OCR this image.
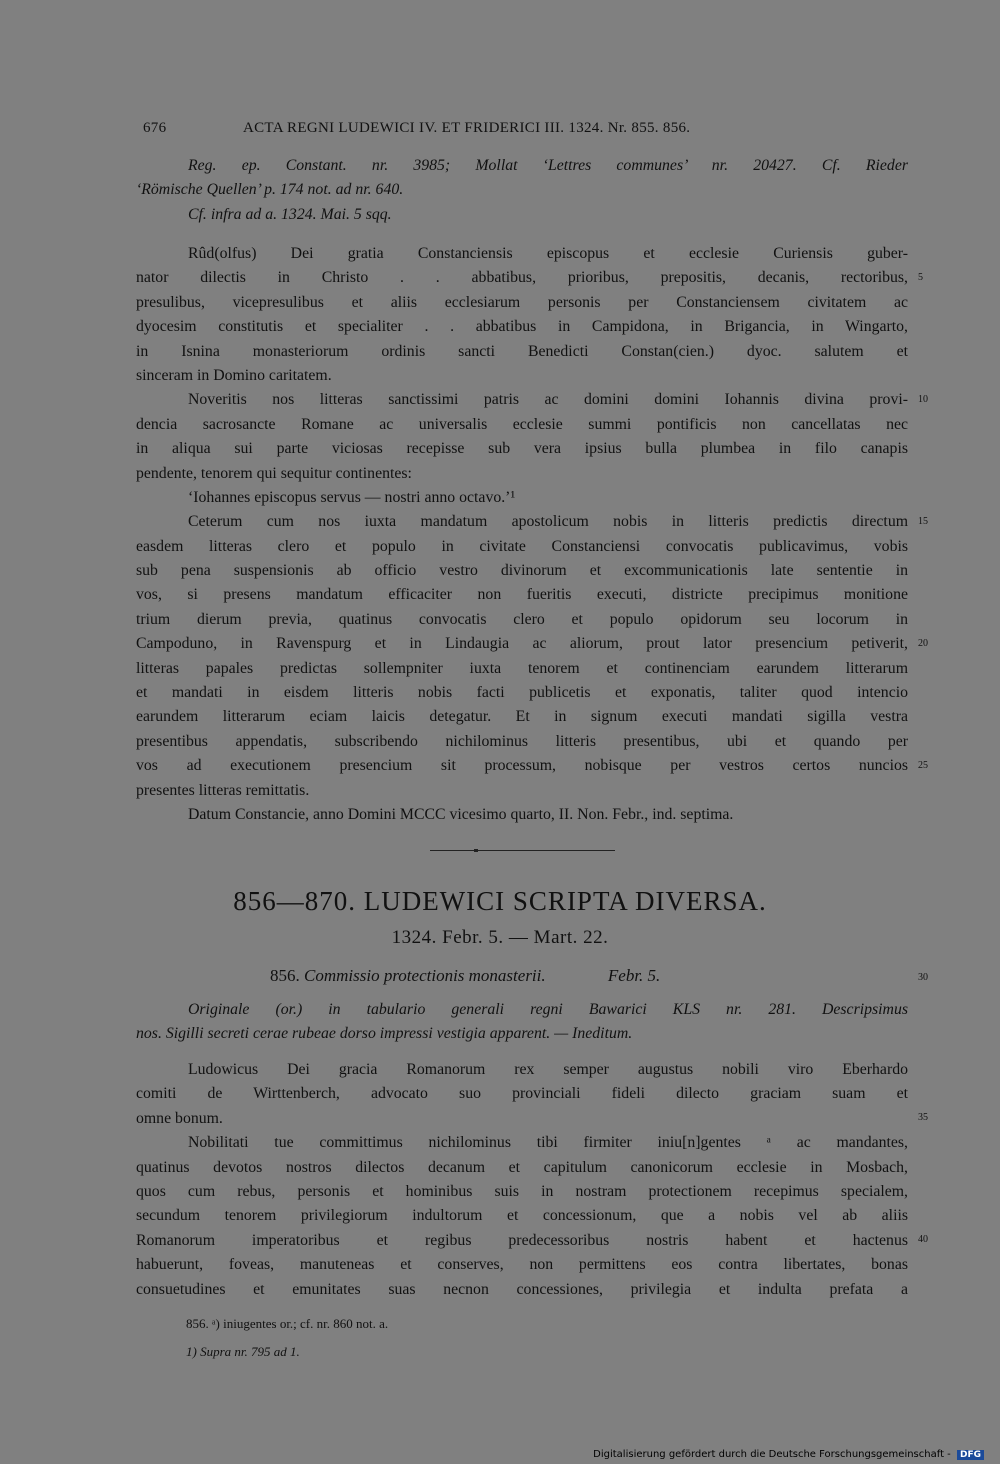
676	ACTA REGNI LUDEWICI IV. ET FRIDERICI III. 1324. Nr. 855. 856.
Reg. ep. Constant. nr. 3985; Mollat ‘Lettres communes’ nr. 20427. Cf. Rieder
‘Römische Quellen’ p. 174 not. ad nr. 640.
Cf. infra ad a. 1324. Mai. 5 sqq.
Rûd(olfus) Dei gratia Constanciensis episcopus et ecclesie Curiensis guber-
nator dilectis in Christo . . abbatibus, prioribus, prepositis, decanis, rectoribus,
presulibus, vicepresulibus et aliis ecclesiarum personis per Constanciensem civitatem ac
dyocesim constitutis et specialiter . . abbatibus in Campidona, in Brigancia, in Wingarto,
in Isnina monasteriorum ordinis sancti Benedicti Constan(cien.) dyoc. salutem et
sinceram in Domino caritatem.
Noveritis nos litteras sanctissimi patris ac domini domini Iohannis divina provi-
dencia sacrosancte Romane ac universalis ecclesie summi pontificis non cancellatas nec
in aliqua sui parte viciosas recepisse sub vera ipsius bulla plumbea in filo canapis
pendente, tenorem qui sequitur continentes:
‘Iohannes episcopus servus — nostri anno octavo.’¹
Ceterum cum nos iuxta mandatum apostolicum nobis in litteris predictis directum
easdem litteras clero et populo in civitate Constanciensi convocatis publicavimus, vobis
sub pena suspensionis ab officio vestro divinorum et excommunicationis late sententie in
vos, si presens mandatum efficaciter non fueritis executi, districte precipimus monitione
trium dierum previa, quatinus convocatis clero et populo opidorum seu locorum in
Campoduno, in Ravenspurg et in Lindaugia ac aliorum, prout lator presencium petiverit,
litteras papales predictas sollempniter iuxta tenorem et continenciam earundem litterarum
et mandati in eisdem litteris nobis facti publicetis et exponatis, taliter quod intencio
earundem litterarum eciam laicis detegatur. Et in signum executi mandati sigilla vestra
presentibus appendatis, subscribendo nichilominus litteris presentibus, ubi et quando per
vos ad executionem presencium sit processum, nobisque per vestros certos nuncios
presentes litteras remittatis.
Datum Constancie, anno Domini MCCC vicesimo quarto, II. Non. Febr., ind. septima.
5
10
15
20
25
856—870. LUDEWICI SCRIPTA DIVERSA.
1324. Febr. 5. — Mart. 22.
856. Commissio protectionis monasterii.	Febr. 5.	30
Originale (or.) in tabulario generali regni Bawarici KLS nr. 281. Descripsimus
nos. Sigilli secreti cerae rubeae dorso impressi vestigia apparent. — Ineditum.
Ludowicus Dei gracia Romanorum rex semper augustus nobili viro Eberhardo
comiti de Wirttenberch, advocato suo provinciali fideli dilecto graciam suam et
omne bonum.
Nobilitati tue committimus nichilominus tibi firmiter iniu[n]gentes ᵃ ac mandantes,
quatinus devotos nostros dilectos decanum et capitulum canonicorum ecclesie in Mosbach,
quos cum rebus, personis et hominibus suis in nostram protectionem recepimus specialem,
secundum tenorem privilegiorum indultorum et concessionum, que a nobis vel ab aliis
Romanorum imperatoribus et regibus predecessoribus nostris habent et hactenus
habuerunt, foveas, manuteneas et conserves, non permittens eos contra libertates, bonas
consuetudines et emunitates suas necnon concessiones, privilegia et indulta prefata a
35
40
856. ᵃ) iniugentes or.; cf. nr. 860 not. a.
1) Supra nr. 795 ad 1.
Digitalisierung gefördert durch die Deutsche Forschungsgemeinschaft - DFG
